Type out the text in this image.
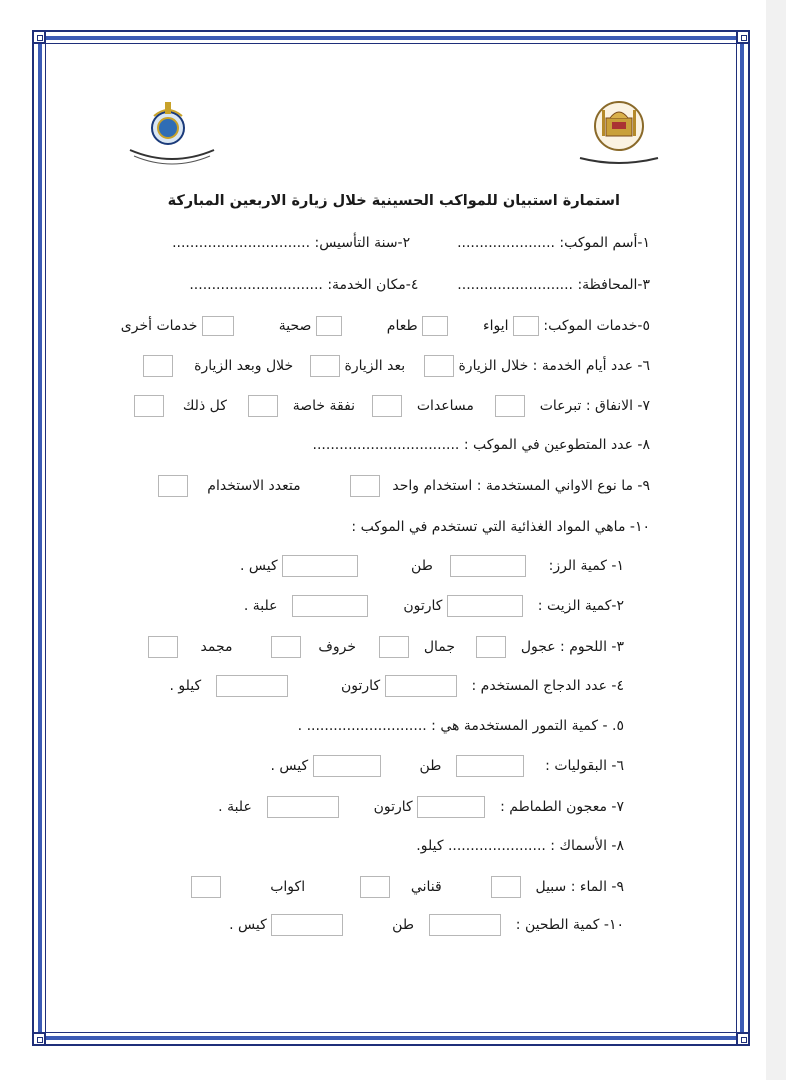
استمارة استبيان للمواكب الحسينية خلال زيارة الاربعين المباركة
١-أسم الموكب: ......................  ٢-سنة التأسيس: ...............................
٣-المحافظة: ..........................  ٤-مكان الخدمة: ..............................
٥-خدمات الموكب:  ايواء   طعام   صحية   خدمات أخرى
٦- عدد أيام الخدمة : خلال الزيارة   بعد الزيارة   خلال وبعد الزيارة
٧- الانفاق : تبرعات    مساعدات    نفقة خاصة    كل ذلك
٨- عدد المتطوعين في الموكب : .................................
٩- ما نوع الاواني المستخدمة : استخدام واحد    متعدد الاستخدام
١٠- ماهي المواد الغذائية التي تستخدم في الموكب :
١- كمية الرز:    طن   كيس .
٢-كمية الزيت :   كارتون    علبة .
٣- اللحوم : عجول    جمال    خروف    مجمد
٤- عدد الدجاج المستخدم :   كارتون    كيلو .
٥. - كمية التمور المستخدمة هي : ........................... .
٦- البقوليات :    طن   كيس .
٧- معجون الطماطم :   كارتون    علبة .
٨- الأسماك : ...................... كيلو.
٩- الماء : سبيل    قناني    اكواب
١٠- كمية الطحين :    طن   كيس .
